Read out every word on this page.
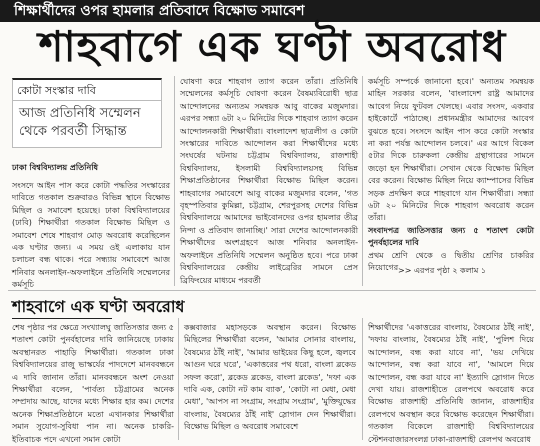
শিক্ষার্থীদের ওপর হামলার প্রতিবাদে বিক্ষোভ সমাবেশ
শাহবাগে এক ঘণ্টা অবরোধ
কোটা সংস্কার দাবি
আজ প্রতিনিধি সম্মেলন থেকে পরবর্তী সিদ্ধান্ত
ঢাকা বিশ্ববিদ্যালয় প্রতিনিধি

সংসদে আইন পাস করে কোটা পদ্ধতির সংস্কারের দাবিতে গতকাল শুক্রবারও বিভিন্ন স্থানে বিক্ষোভ মিছিল ও সমাবেশ হয়েছে। ঢাকা বিশ্ববিদ্যালয়ের (ঢাবি) শিক্ষার্থীরা গতকাল বিক্ষোভ মিছিল ও সমাবেশ শেষে শাহবাগ মোড় অবরোধ করেছিলেন এক ঘণ্টার জন্য। এ সময় ওই এলাকায় যান চলাচল বন্ধ থাকে। পরে সন্ধ্যায় সমাবেশে আজ শনিবার অনলাইন-অফলাইনে প্রতিনিধি সম্মেলনের কর্মসূচি

ঘোষণা করে শাহবাগ ত্যাগ করেন তাঁরা। প্রতিনিধি সম্মেলনের কর্মসূচি ঘোষণা করেন বৈষম্যবিরোধী ছাত্র আন্দোলনের অন্যতম সমন্বয়ক আবু বাকের মজুমদার। এরপর সন্ধ্যা ৬টা ২০ মিনিটের দিকে শাহবাগ ত্যাগ করেন আন্দোলনকারী শিক্ষার্থীরা। বাংলাদেশ ছাত্রলীগ ও কোটা সংস্কারের দাবিতে আন্দোলন করা শিক্ষার্থীদের মধ্যে সংঘর্ষের ঘটনায় চট্টগ্রাম বিশ্ববিদ্যালয়, রাজশাহী বিশ্ববিদ্যালয়, ইসলামী বিশ্ববিদ্যালয়সহ বিভিন্ন শিক্ষাপ্রতিষ্ঠানের শিক্ষার্থীরা বিক্ষোভ মিছিল করেন। শাহবাগের সমাবেশে আবু বাকের মজুমদার বলেন, 'গত বৃহস্পতিবার কুমিল্লা, চট্টগ্রাম, শেরপুরসহ দেশের বিভিন্ন বিশ্ববিদ্যালয়ে আমাদের ভাইবোনদের ওপর হামলার তীব্র নিন্দা ও প্রতিবাদ জানাচ্ছি।' সারা দেশের আন্দোলনকারী শিক্ষার্থীদের অংশগ্রহণে আজ শনিবার অনলাইন-অফলাইনে প্রতিনিধি সম্মেলন অনুষ্ঠিত হবে। পরে ঢাকা বিশ্ববিদ্যালয়ের কেন্দ্রীয় লাইব্রেরির সামনে প্রেস ব্রিফিংয়ের মাধ্যমে পরবর্তী

কর্মসূচি সম্পর্কে জানানো হবে।' অন্যতম সমন্বয়ক মাহিন সরকার বলেন, 'বাংলাদেশ রাষ্ট্র আমাদের আবেগ নিয়ে ফুটবল খেলছে। এবার সংসদ, একবার হাইকোর্টে পাঠাচ্ছে। প্রধানমন্ত্রীর আমাদের আবেগ বুঝতে হবে। সংসদে আইন পাস করে কোটা সংস্কার না করা পর্যন্ত আন্দোলন চলবে।' এর আগে বিকেল ৫টার দিকে চারুকলা কেন্দ্রীয় গ্রন্থাগারের সামনে জড়ো হন শিক্ষার্থীরা। সেখান থেকে বিক্ষোভ মিছিল বের করেন। বিক্ষোভ মিছিল নিয়ে ক্যাম্পাসের বিভিন্ন সড়ক প্রদক্ষিণ করে শাহবাগে যান শিক্ষার্থীরা। সন্ধ্যা ৬টা ২০ মিনিটের দিকে শাহবাগ অবরোধ করেন তাঁরা।

সংবাদপত্র জাতিসত্তার জন্য ৫ শতাংশ কোটা পুনর্বহালের দাবি

প্রথম শ্রেণি থেকে ও দ্বিতীয় শ্রেণির চাকরির নিয়োগের >> এরপর পৃষ্ঠা ২ কলাম ১
শাহবাগে এক ঘণ্টা অবরোধ

শেষ পৃষ্ঠার পর ক্ষেত্রে সংখ্যালঘু জাতিসত্তার জন্য ৫ শতাংশ কোটা পুনর্বহালের দাবি জানিয়েছে ঢাকায় অবস্থানরত পাহাড়ি শিক্ষার্থীরা। গতকাল ঢাকা বিশ্ববিদ্যালয়ের রাজু ভাস্কর্যের পাদদেশে মানববন্ধনে এ দাবি জানান তাঁরা। মানববন্ধনে অংশ নেওয়া শিক্ষার্থীরা বলেন, 'পার্বত্য চট্টগ্রামের অনেক সম্প্রদায় আছে, যাদের মধ্যে শিক্ষার হার কম। দেশের অনেক শিক্ষাপ্রতিষ্ঠানে মতো এখানকার শিক্ষার্থীরা সমান সুযোগ-সুবিধা পান না। অনেক চাকরি-ইতিবাচক পদে এখনো সমান কোটা

কক্সবাজার মহাসড়কে অবস্থান করেন। বিক্ষোভ মিছিলের শিক্ষার্থীরা বলেন, 'আমার সোনার বাংলায়, বৈষম্যের ঠাঁই নাই', 'আমার ভাইয়ের কিছু হলে, জ্বলবে আগুন ঘরে ঘরে', 'একাত্তরের পথ ধরো, বাংলা ব্লকেড সফল করো', ব্লকেড ব্লকেড, বাংলা ব্লকেড', 'দফা এক দাবি এক, কোটা নট কাম ব্যাক', 'কোটা না মেধা, মেধা মেধা', 'আপস না সংগ্রাম, সংগ্রাম সংগ্রাম', 'মুক্তিযুদ্ধের বাংলায়, বৈষম্যের ঠাঁই নাই' স্লোগান দেন শিক্ষার্থীরা। বিক্ষোভ মিছিল ও অবরোধ সমাবেশে

শিক্ষার্থীদের 'একাত্তরের বাংলায়, বৈষম্যের ঠাঁই নাই', 'দফায় বাংলায়, বৈষম্যের ঠাঁই নাই', 'পুলিশ দিয়ে আন্দোলন, বন্ধ করা যাবে না', 'ভয় দেখিয়ে আন্দোলন, বন্ধ করা যাবে না', 'আমলে দিয়ে আন্দোলন, বন্ধ করা যাবে না' ইত্যাদি স্লোগান দিতে দেখা যায়। রাজশাহীতে রেলপথে অবরোধ করে বিক্ষোভ রাজশাহী প্রতিনিধি জানান, রাজশাহীর রেলপথে অবস্থান করে বিক্ষোভ করেছেন শিক্ষার্থীরা। গতকাল বিকেলে রাজশাহী বিশ্ববিদ্যালয়ের স্টেশনবাজারসংলগ্ন ঢাকা-রাজশাহী রেলপথ অবরোধ
